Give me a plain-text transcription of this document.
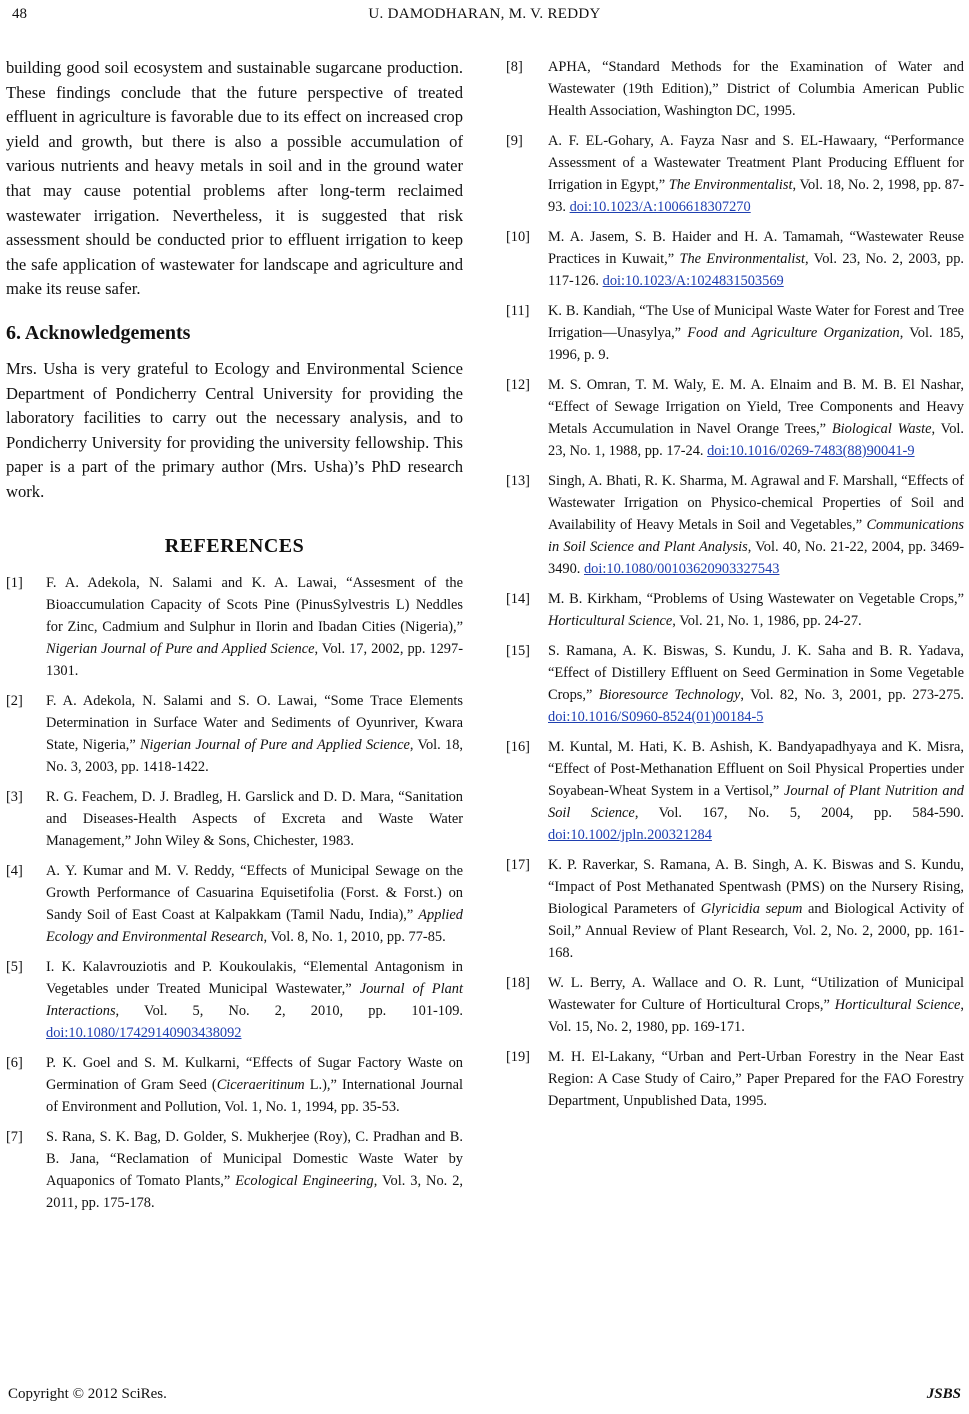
48	U. DAMODHARAN, M. V. REDDY

building good soil ecosystem and sustainable sugarcane production. These findings conclude that the future perspective of treated effluent in agriculture is favorable due to its effect on increased crop yield and growth, but there is also a possible accumulation of various nutrients and heavy metals in soil and in the ground water that may cause potential problems after long-term reclaimed wastewater irrigation. Nevertheless, it is suggested that risk assessment should be conducted prior to effluent irrigation to keep the safe application of wastewater for landscape and agriculture and make its reuse safer.

6. Acknowledgements

Mrs. Usha is very grateful to Ecology and Environmental Science Department of Pondicherry Central University for providing the laboratory facilities to carry out the necessary analysis, and to Pondicherry University for providing the university fellowship. This paper is a part of the primary author (Mrs. Usha)’s PhD research work.

REFERENCES
[1]	F. A. Adekola, N. Salami and K. A. Lawai, “Assesment of the Bioaccumulation Capacity of Scots Pine (PinusSylvestris L) Neddles for Zinc, Cadmium and Sulphur in Ilorin and Ibadan Cities (Nigeria),” Nigerian Journal of Pure and Applied Science, Vol. 17, 2002, pp. 1297-1301.
[2]	F. A. Adekola, N. Salami and S. O. Lawai, “Some Trace Elements Determination in Surface Water and Sediments of Oyunriver, Kwara State, Nigeria,” Nigerian Journal of Pure and Applied Science, Vol. 18, No. 3, 2003, pp. 1418-1422.
[3]	R. G. Feachem, D. J. Bradleg, H. Garslick and D. D. Mara, “Sanitation and Diseases-Health Aspects of Excreta and Waste Water Management,” John Wiley & Sons, Chichester, 1983.
[4]	A. Y. Kumar and M. V. Reddy, “Effects of Municipal Sewage on the Growth Performance of Casuarina Equisetifolia (Forst. & Forst.) on Sandy Soil of East Coast at Kalpakkam (Tamil Nadu, India),” Applied Ecology and Environmental Research, Vol. 8, No. 1, 2010, pp. 77-85.
[5]	I. K. Kalavrouziotis and P. Koukoulakis, “Elemental Antagonism in Vegetables under Treated Municipal Wastewater,” Journal of Plant Interactions, Vol. 5, No. 2, 2010, pp. 101-109. doi:10.1080/17429140903438092
[6]	P. K. Goel and S. M. Kulkarni, “Effects of Sugar Factory Waste on Germination of Gram Seed (Ciceraeritinum L.),” International Journal of Environment and Pollution, Vol. 1, No. 1, 1994, pp. 35-53.
[7]	S. Rana, S. K. Bag, D. Golder, S. Mukherjee (Roy), C. Pradhan and B. B. Jana, “Reclamation of Municipal Domestic Waste Water by Aquaponics of Tomato Plants,” Ecological Engineering, Vol. 3, No. 2, 2011, pp. 175-178.
[8]	APHA, “Standard Methods for the Examination of Water and Wastewater (19th Edition),” District of Columbia American Public Health Association, Washington DC, 1995.
[9]	A. F. EL-Gohary, A. Fayza Nasr and S. EL-Hawaary, “Performance Assessment of a Wastewater Treatment Plant Producing Effluent for Irrigation in Egypt,” The Environmentalist, Vol. 18, No. 2, 1998, pp. 87-93. doi:10.1023/A:1006618307270
[10]	M. A. Jasem, S. B. Haider and H. A. Tamamah, “Wastewater Reuse Practices in Kuwait,” The Environmentalist, Vol. 23, No. 2, 2003, pp. 117-126. doi:10.1023/A:1024831503569
[11]	K. B. Kandiah, “The Use of Municipal Waste Water for Forest and Tree Irrigation—Unasylya,” Food and Agriculture Organization, Vol. 185, 1996, p. 9.
[12]	M. S. Omran, T. M. Waly, E. M. A. Elnaim and B. M. B. El Nashar, “Effect of Sewage Irrigation on Yield, Tree Components and Heavy Metals Accumulation in Navel Orange Trees,” Biological Waste, Vol. 23, No. 1, 1988, pp. 17-24. doi:10.1016/0269-7483(88)90041-9
[13]	Singh, A. Bhati, R. K. Sharma, M. Agrawal and F. Marshall, “Effects of Wastewater Irrigation on Physico-chemical Properties of Soil and Availability of Heavy Metals in Soil and Vegetables,” Communications in Soil Science and Plant Analysis, Vol. 40, No. 21-22, 2004, pp. 3469-3490. doi:10.1080/00103620903327543
[14]	M. B. Kirkham, “Problems of Using Wastewater on Vegetable Crops,” Horticultural Science, Vol. 21, No. 1, 1986, pp. 24-27.
[15]	S. Ramana, A. K. Biswas, S. Kundu, J. K. Saha and B. R. Yadava, “Effect of Distillery Effluent on Seed Germination in Some Vegetable Crops,” Bioresource Technology, Vol. 82, No. 3, 2001, pp. 273-275. doi:10.1016/S0960-8524(01)00184-5
[16]	M. Kuntal, M. Hati, K. B. Ashish, K. Bandyapadhyaya and K. Misra, “Effect of Post-Methanation Effluent on Soil Physical Properties under Soyabean-Wheat System in a Vertisol,” Journal of Plant Nutrition and Soil Science, Vol. 167, No. 5, 2004, pp. 584-590. doi:10.1002/jpln.200321284
[17]	K. P. Raverkar, S. Ramana, A. B. Singh, A. K. Biswas and S. Kundu, “Impact of Post Methanated Spentwash (PMS) on the Nursery Rising, Biological Parameters of Glyricidia sepum and Biological Activity of Soil,” Annual Review of Plant Research, Vol. 2, No. 2, 2000, pp. 161-168.
[18]	W. L. Berry, A. Wallace and O. R. Lunt, “Utilization of Municipal Wastewater for Culture of Horticultural Crops,” Horticultural Science, Vol. 15, No. 2, 1980, pp. 169-171.
[19]	M. H. El-Lakany, “Urban and Pert-Urban Forestry in the Near East Region: A Case Study of Cairo,” Paper Prepared for the FAO Forestry Department, Unpublished Data, 1995.
Copyright © 2012 SciRes.	JSBS
